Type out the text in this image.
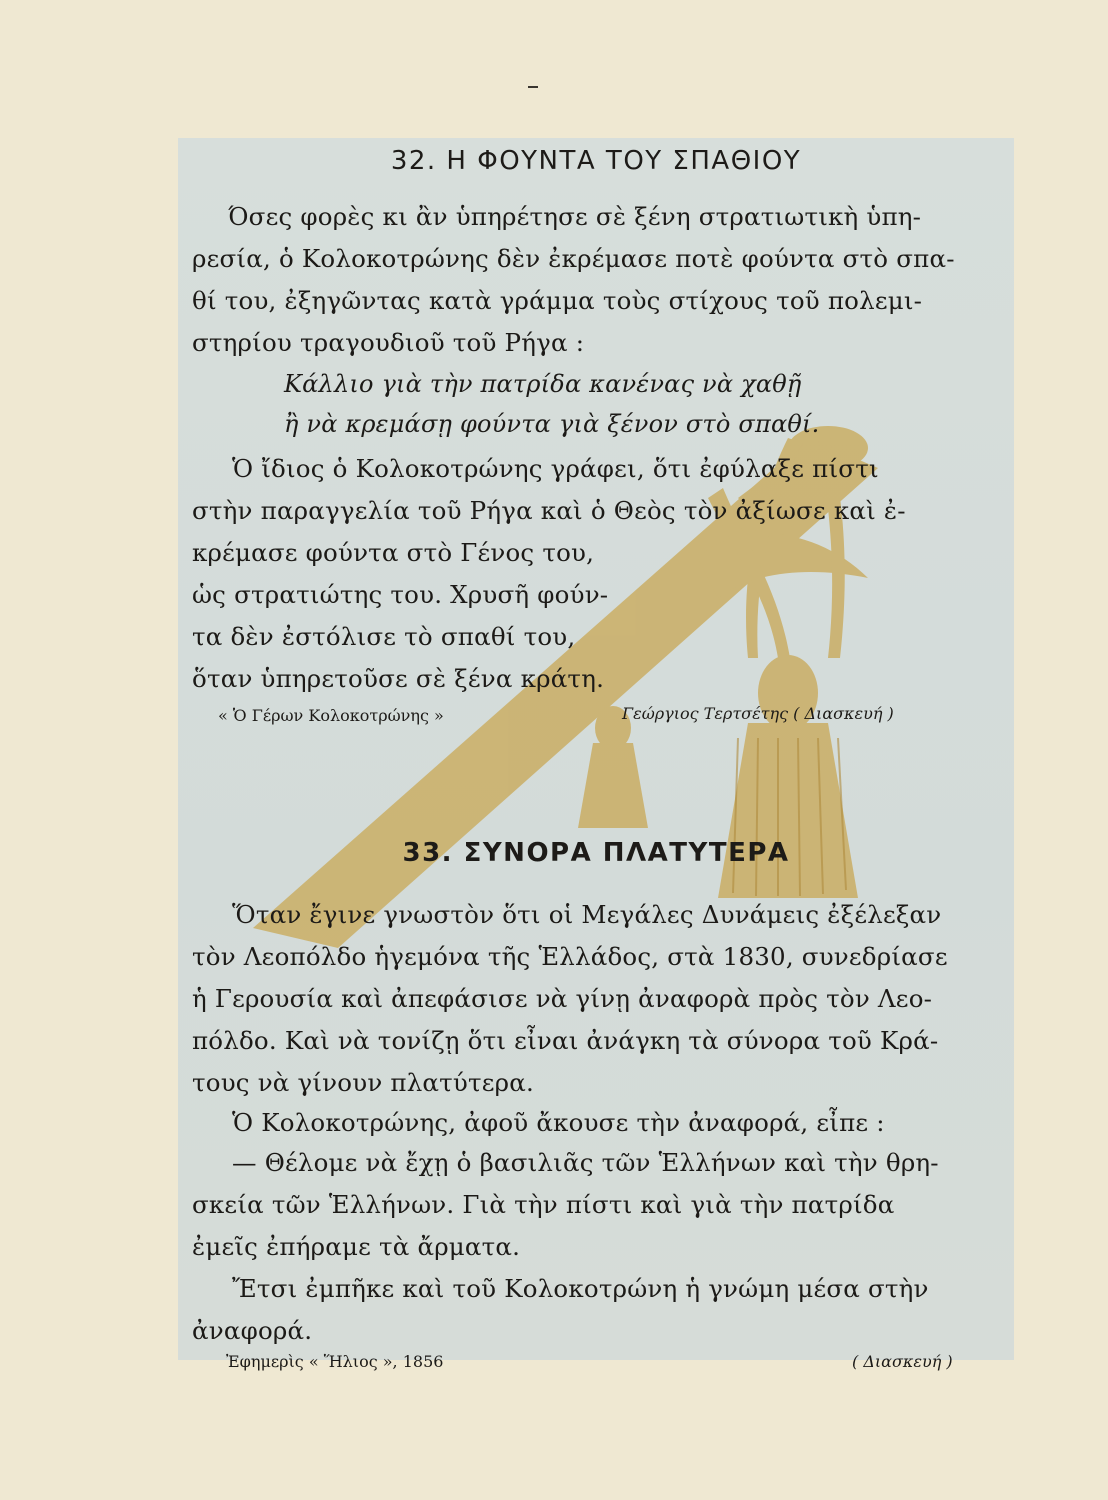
32. Η ΦΟΥΝΤΑ ΤΟΥ ΣΠΑΘΙΟΥ
Όσες φορὲς κι ἂν ὑπηρέτησε σὲ ξένη στρατιωτικὴ ὑπη-
ρεσία, ὁ Κολοκοτρώνης δὲν ἐκρέμασε ποτὲ φούντα στὸ σπα-
θί του, ἐξηγῶντας κατὰ γράμμα τοὺς στίχους τοῦ πολεμι-
στηρίου τραγουδιοῦ τοῦ Ρήγα :
Κάλλιο γιὰ τὴν πατρίδα κανένας νὰ χαθῇ
ἢ νὰ κρεμάσῃ φούντα γιὰ ξένον στὸ σπαθί.
Ὁ ἴδιος ὁ Κολοκοτρώνης γράφει, ὅτι ἐφύλαξε πίστι
στὴν παραγγελία τοῦ Ρήγα καὶ ὁ Θεὸς τὸν ἀξίωσε καὶ ἐ-
κρέμασε φούντα στὸ Γένος του,
ὡς στρατιώτης του. Χρυσῆ φούν-
τα δὲν ἐστόλισε τὸ σπαθί του,
ὅταν ὑπηρετοῦσε σὲ ξένα κράτη.
« Ὁ Γέρων Κολοκοτρώνης »	Γεώργιος Τερτσέτης ( Διασκευή )
33. ΣΥΝΟΡΑ ΠΛΑΤΥΤΕΡΑ
Ὅταν ἔγινε γνωστὸν ὅτι οἱ Μεγάλες Δυνάμεις ἐξέλεξαν
τὸν Λεοπόλδο ἡγεμόνα τῆς Ἑλλάδος, στὰ 1830, συνεδρίασε
ἡ Γερουσία καὶ ἀπεφάσισε νὰ γίνῃ ἀναφορὰ πρὸς τὸν Λεο-
πόλδο. Καὶ νὰ τονίζῃ ὅτι εἶναι ἀνάγκη τὰ σύνορα τοῦ Κρά-
τους νὰ γίνουν πλατύτερα.
Ὁ Κολοκοτρώνης, ἀφοῦ ἄκουσε τὴν ἀναφορά, εἶπε :
— Θέλομε νὰ ἔχῃ ὁ βασιλιᾶς τῶν Ἑλλήνων καὶ τὴν θρη-
σκεία τῶν Ἑλλήνων. Γιὰ τὴν πίστι καὶ γιὰ τὴν πατρίδα
ἐμεῖς ἐπήραμε τὰ ἄρματα.
Ἔτσι ἐμπῆκε καὶ τοῦ Κολοκοτρώνη ἡ γνώμη μέσα στὴν
ἀναφορά.
Ἐφημερὶς « Ἥλιος », 1856	( Διασκευή )
